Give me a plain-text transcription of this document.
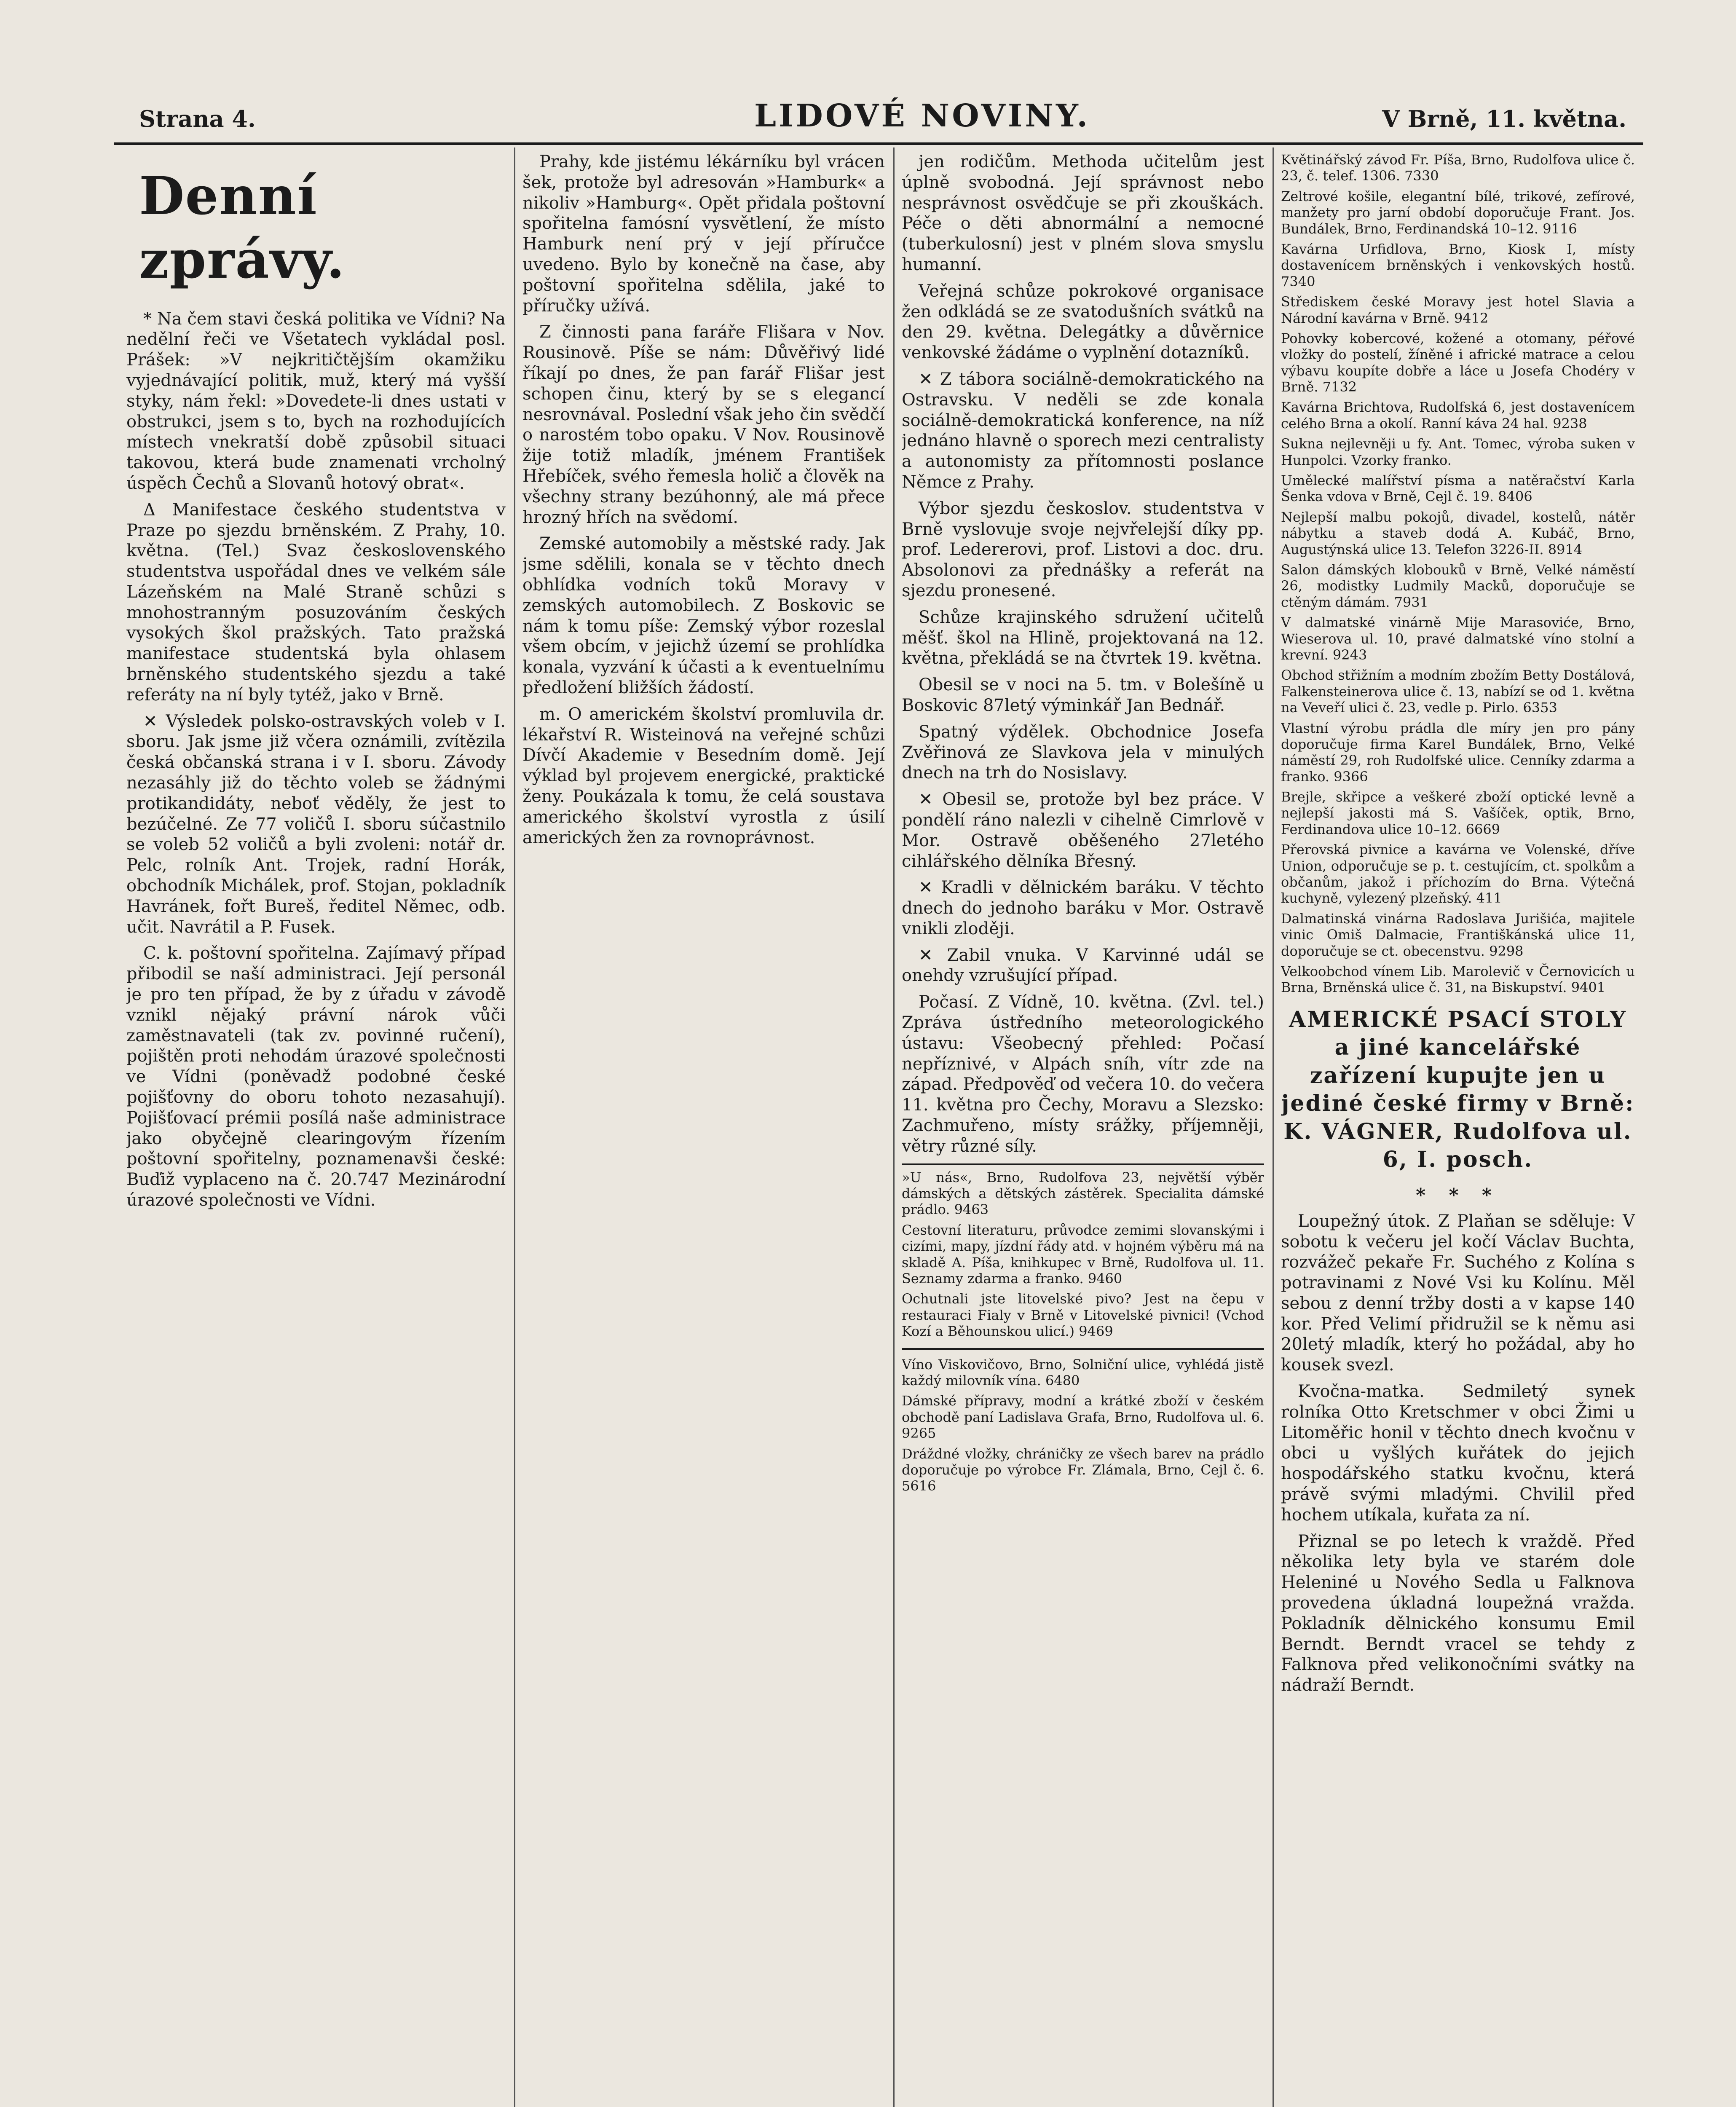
Strana 4.	LIDOVÉ NOVINY.	V Brně, 11. května.
Denní zprávy.

* Na čem stavi česká politika ve Vídni? Na nedělní řeči ve Všetatech vykládal posl. Prášek: »V nejkritičtějším okamžiku vyjednávající politik, muž, který má vyšší styky, nám řekl: »Dovedete-li dnes ustati v obstrukci, jsem s to, bych na rozhodujících místech vnekratší době způsobil situaci takovou, která bude znamenati vrcholný úspěch Čechů a Slovanů hotový obrat«.

Δ Manifestace českého studentstva v Praze po sjezdu brněnském. Z Prahy, 10. května. (Tel.) Svaz československého studentstva uspořádal dnes ve velkém sále Lázeňském na Malé Straně schůzi s mnohostranným posuzováním českých vysokých škol pražských. Tato pražská manifestace studentská byla ohlasem brněnského studentského sjezdu a také referáty na ní byly tytéž, jako v Brně.

✕ Výsledek polsko-ostravských voleb v I. sboru. Jak jsme již včera oznámili, zvítězila česká občanská strana i v I. sboru. Závody nezasáhly již do těchto voleb se žádnými protikandidáty, neboť věděly, že jest to bezúčelné. Ze 77 voličů I. sboru súčastnilo se voleb 52 voličů a byli zvoleni: notář dr. Pelc, rolník Ant. Trojek, radní Horák, obchodník Michálek, prof. Stojan, pokladník Havránek, fořt Bureš, ředitel Němec, odb. učit. Navrátil a P. Fusek.

C. k. poštovní spořitelna. Zajímavý případ přibodil se naší administraci. Její personál je pro ten případ, že by z úřadu v závodě vznikl nějaký právní nárok vůči zaměstnavateli (tak zv. povinné ručení), pojištěn proti nehodám úrazové společnosti ve Vídni (poněvadž podobné české pojišťovny do oboru tohoto nezasahují). Pojišťovací prémii posílá naše administrace jako obyčejně clearingovým řízením poštovní spořitelny, poznamenavši české: Buďiž vyplaceno na č. 20.747 Mezinárodní úrazové společnosti ve Vídni.

Prahy, kde jistému lékárníku byl vrácen šek, protože byl adresován »Hamburk« a nikoliv »Hamburg«. Opět přidala poštovní spořitelna famósní vysvětlení, že místo Hamburk není prý v její příručce uvedeno. Bylo by konečně na čase, aby poštovní spořitelna sdělila, jaké to příručky užívá.

Z činnosti pana faráře Flišara v Nov. Rousinově. Píše se nám: Důvěřivý lidé říkají po dnes, že pan farář Flišar jest schopen činu, který by se s elegancí nesrovnával. Poslední však jeho čin svědčí o narostém tobo opaku. V Nov. Rousinově žije totiž mladík, jménem František Hřebíček, svého řemesla holič a člověk na všechny strany bezúhonný, ale má přece hrozný hřích na svědomí.

Zemské automobily a městské rady. Jak jsme sdělili, konala se v těchto dnech obhlídka vodních toků Moravy v zemských automobilech. Z Boskovic se nám k tomu píše: Zemský výbor rozeslal všem obcím, v jejichž území se prohlídka konala, vyzvání k účasti a k eventuelnímu předložení bližších žádostí.

m. O americkém školství promluvila dr. lékařství R. Wisteinová na veřejné schůzi Dívčí Akademie v Besedním domě. Její výklad byl projevem energické, praktické ženy. Poukázala k tomu, že celá soustava amerického školství vyrostla z úsilí amerických žen za rovnoprávnost.

jen rodičům. Methoda učitelům jest úplně svobodná. Její správnost nebo nesprávnost osvědčuje se při zkouškách. Péče o děti abnormální a nemocné (tuberkulosní) jest v plném slova smyslu humanní.

Veřejná schůze pokrokové organisace žen odkládá se ze svatodušních svátků na den 29. května. Delegátky a důvěrnice venkovské žádáme o vyplnění dotazníků.

✕ Z tábora sociálně-demokratického na Ostravsku. V neděli se zde konala sociálně-demokratická konference, na níž jednáno hlavně o sporech mezi centralisty a autonomisty za přítomnosti poslance Němce z Prahy.

Výbor sjezdu českoslov. studentstva v Brně vyslovuje svoje nejvřelejší díky pp. prof. Ledererovi, prof. Listovi a doc. dru. Absolonovi za přednášky a referát na sjezdu pronesené.

Schůze krajinského sdružení učitelů měšť. škol na Hlině, projektovaná na 12. května, překládá se na čtvrtek 19. května.

Obesil se v noci na 5. tm. v Bolešíně u Boskovic 87letý výminkář Jan Bednář.

Spatný výdělek. Obchodnice Josefa Zvěřinová ze Slavkova jela v minulých dnech na trh do Nosislavy.

✕ Obesil se, protože byl bez práce. V pondělí ráno nalezli v cihelně Cimrlově v Mor. Ostravě oběšeného 27letého cihlářského dělníka Břesný.

✕ Kradli v dělnickém baráku. V těchto dnech do jednoho baráku v Mor. Ostravě vnikli zloději.

✕ Zabil vnuka. V Karvinné udál se onehdy vzrušující případ.

Počasí. Z Vídně, 10. května. (Zvl. tel.) Zpráva ústředního meteorologického ústavu: Všeobecný přehled: Počasí nepříznivé, v Alpách sníh, vítr zde na západ. Předpověď od večera 10. do večera 11. května pro Čechy, Moravu a Slezsko: Zachmuřeno, místy srážky, příjemněji, větry různé síly.

»U nás«, Brno, Rudolfova 23, největší výběr dámských a dětských zástěrek. Specialita dámské prádlo. 9463

Cestovní literaturu, průvodce zemimi slovanskými i cizími, mapy, jízdní řády atd. v hojném výběru má na skladě A. Píša, knihkupec v Brně, Rudolfova ul. 11. Seznamy zdarma a franko. 9460

Ochutnali jste litovelské pivo? Jest na čepu v restauraci Fialy v Brně v Litovelské pivnici! (Vchod Kozí a Běhounskou ulicí.) 9469

Víno Viskovičovo, Brno, Solniční ulice, vyhlédá jistě každý milovník vína. 6480

Dámské přípravy, modní a krátké zboží v českém obchodě paní Ladislava Grafa, Brno, Rudolfova ul. 6. 9265

Dráždné vložky, chráničky ze všech barev na prádlo doporučuje po výrobce Fr. Zlámala, Brno, Cejl č. 6. 5616

Květinářský závod Fr. Píša, Brno, Rudolfova ulice č. 23, č. telef. 1306. 7330

Zeltrové košile, elegantní bílé, trikové, zefírové, manžety pro jarní období doporučuje Frant. Jos. Bundálek, Brno, Ferdinandská 10–12. 9116

Kavárna Urfidlova, Brno, Kiosk I, místy dostavenícem brněnských i venkovských hostů. 7340

Střediskem české Moravy jest hotel Slavia a Národní kavárna v Brně. 9412

Pohovky kobercové, kožené a otomany, péřové vložky do postelí, žíněné i africké matrace a celou výbavu koupíte dobře a láce u Josefa Chodéry v Brně. 7132

Kavárna Brichtova, Rudolfská 6, jest dostavenícem celého Brna a okolí. Ranní káva 24 hal. 9238

Sukna nejlevněji u fy. Ant. Tomec, výroba suken v Hunpolci. Vzorky franko.

Umělecké malířství písma a natěračství Karla Šenka vdova v Brně, Cejl č. 19. 8406

Nejlepší malbu pokojů, divadel, kostelů, nátěr nábytku a staveb dodá A. Kubáč, Brno, Augustýnská ulice 13. Telefon 3226-II. 8914

Salon dámských klobouků v Brně, Velké náměstí 26, modistky Ludmily Macků, doporučuje se ctěným dámám. 7931

V dalmatské vinárně Mije Marasoviće, Brno, Wieserova ul. 10, pravé dalmatské víno stolní a krevní. 9243

Obchod střižním a modním zbožím Betty Dostálová, Falkensteinerova ulice č. 13, nabízí se od 1. května na Veveří ulici č. 23, vedle p. Pirlo. 6353

Vlastní výrobu prádla dle míry jen pro pány doporučuje firma Karel Bundálek, Brno, Velké náměstí 29, roh Rudolfské ulice. Cenníky zdarma a franko. 9366

Brejle, skřipce a veškeré zboží optické levně a nejlepší jakosti má S. Vašíček, optik, Brno, Ferdinandova ulice 10–12. 6669

Přerovská pivnice a kavárna ve Volenské, dříve Union, odporučuje se p. t. cestujícím, ct. spolkům a občanům, jakož i příchozím do Brna. Výtečná kuchyně, vylezený plzeňský. 411

Dalmatinská vinárna Radoslava Jurišića, majitele vinic Omiš Dalmacie, Františkánská ulice 11, doporučuje se ct. obecenstvu. 9298

Velkoobchod vínem Lib. Marolevič v Černovicích u Brna, Brněnská ulice č. 31, na Biskupství. 9401

AMERICKÉ PSACÍ STOLY a jiné kancelářské zařízení kupujte jen u jediné české firmy v Brně: K. VÁGNER, Rudolfova ul. 6, I. posch.
* * *

Loupežný útok. Z Plaňan se sděluje: V sobotu k večeru jel kočí Václav Buchta, rozvážeč pekaře Fr. Suchého z Kolína s potravinami z Nové Vsi ku Kolínu. Měl sebou z denní tržby dosti a v kapse 140 kor. Před Velimí přidružil se k němu asi 20letý mladík, který ho požádal, aby ho kousek svezl.

Kvočna-matka. Sedmiletý synek rolníka Otto Kretschmer v obci Žimi u Litoměřic honil v těchto dnech kvočnu v obci u vyšlých kuřátek do jejich hospodářského statku kvočnu, která právě svými mladými. Chvilil před hochem utíkala, kuřata za ní.

Přiznal se po letech k vraždě. Před několika lety byla ve starém dole Heleniné u Nového Sedla u Falknova provedena úkladná loupežná vražda. Pokladník dělnického konsumu Emil Berndt. Berndt vracel se tehdy z Falknova před velikonočními svátky na nádraží Berndt.
